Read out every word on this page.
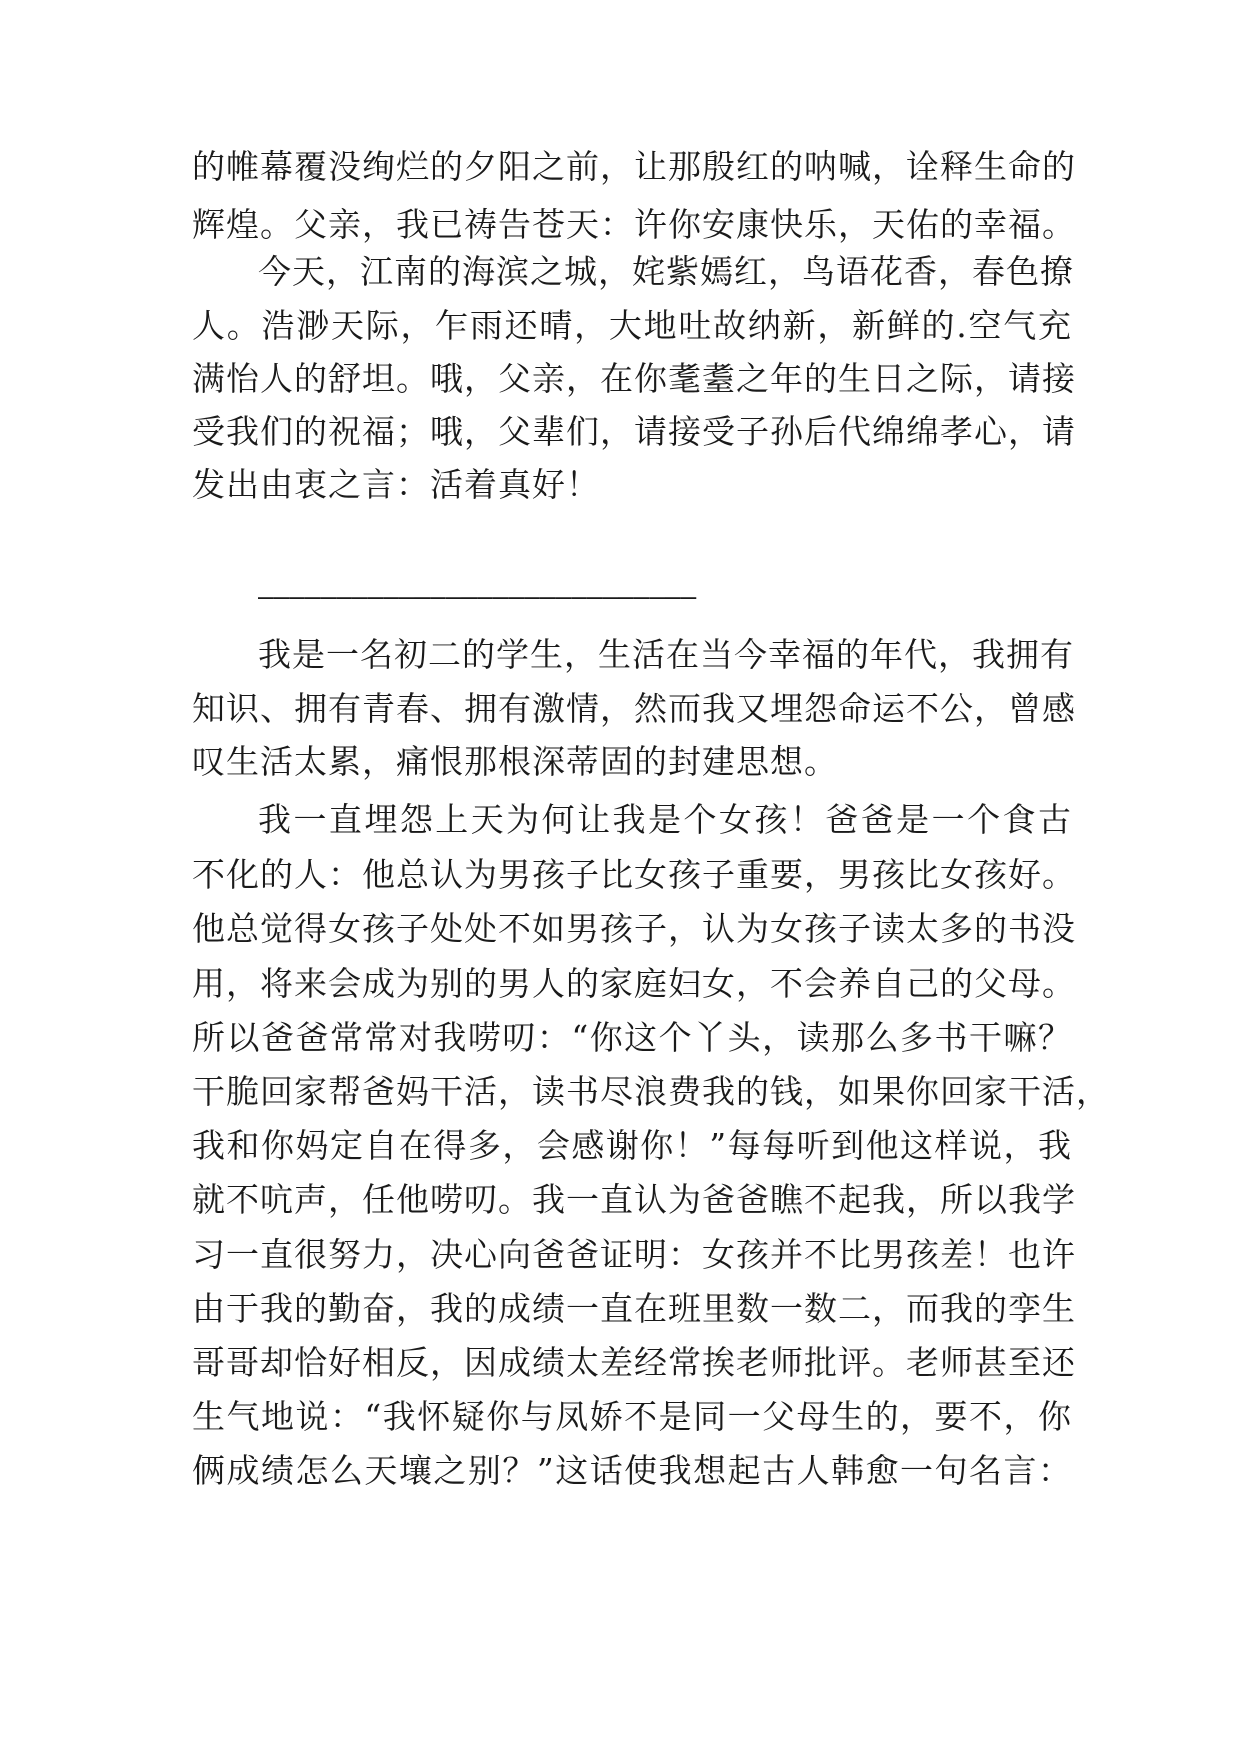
的帷幕覆没绚烂的夕阳之前，让那殷红的呐喊，诠释生命的
辉煌。父亲，我已祷告苍天：许你安康快乐，天佑的幸福。
今天，江南的海滨之城，姹紫嫣红，鸟语花香，春色撩
人。浩渺天际，乍雨还晴，大地吐故纳新，新鲜的.空气充
满怡人的舒坦。哦，父亲，在你耄耋之年的生日之际，请接
受我们的祝福；哦，父辈们，请接受子孙后代绵绵孝心，请
发出由衷之言：活着真好！
————————————————————————————
我是一名初二的学生，生活在当今幸福的年代，我拥有
知识、拥有青春、拥有激情，然而我又埋怨命运不公，曾感
叹生活太累，痛恨那根深蒂固的封建思想。
我一直埋怨上天为何让我是个女孩！爸爸是一个食古
不化的人：他总认为男孩子比女孩子重要，男孩比女孩好。
他总觉得女孩子处处不如男孩子，认为女孩子读太多的书没
用，将来会成为别的男人的家庭妇女，不会养自己的父母。
所以爸爸常常对我唠叨：“你这个丫头，读那么多书干嘛？
干脆回家帮爸妈干活，读书尽浪费我的钱，如果你回家干活，
我和你妈定自在得多，会感谢你！”每每听到他这样说，我
就不吭声，任他唠叨。我一直认为爸爸瞧不起我，所以我学
习一直很努力，决心向爸爸证明：女孩并不比男孩差！也许
由于我的勤奋，我的成绩一直在班里数一数二，而我的孪生
哥哥却恰好相反，因成绩太差经常挨老师批评。老师甚至还
生气地说：“我怀疑你与凤娇不是同一父母生的，要不，你
俩成绩怎么天壤之别？”这话使我想起古人韩愈一句名言：
